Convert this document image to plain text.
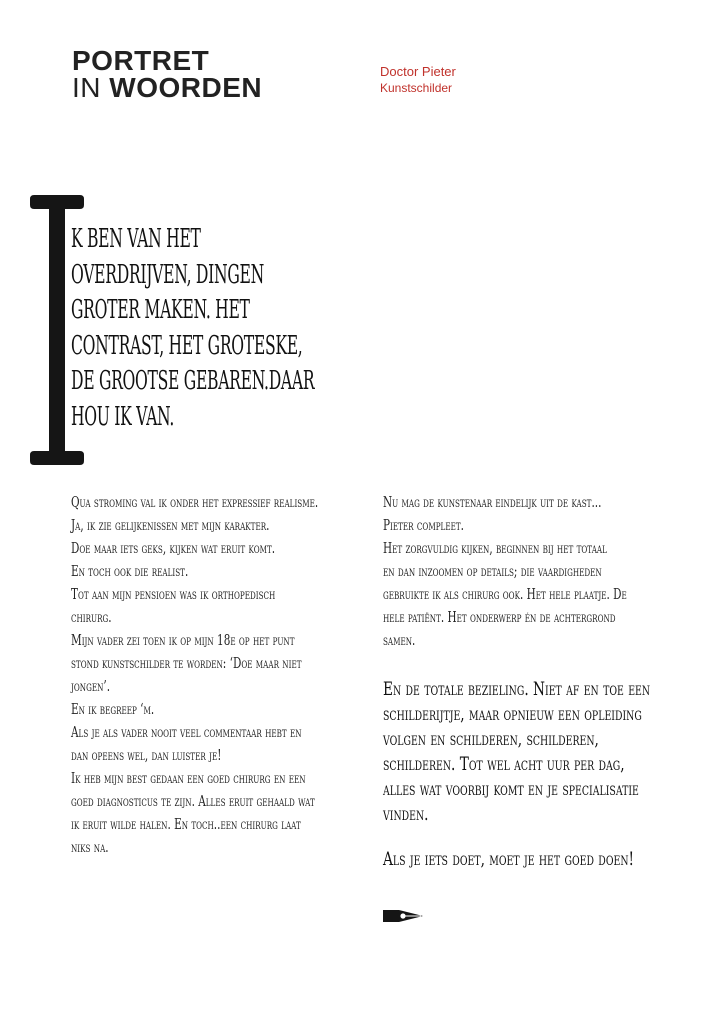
PORTRET
IN WOORDEN
Doctor Pieter
Kunstschilder
K BEN VAN HET
OVERDRIJVEN, DINGEN
GROTER MAKEN. HET
CONTRAST, HET GROTESKE,
DE GROOTSE GEBAREN.DAAR
HOU IK VAN.

Qua stroming val ik onder het expressief realisme.

Ja, ik zie gelijkenissen met mijn karakter.

Doe maar iets geks, kijken wat eruit komt.

En toch ook die realist.

Tot aan mijn pensioen was ik orthopedisch

chirurg.

Mijn vader zei toen ik op mijn 18e op het punt

stond kunstschilder te worden: ‘Doe maar niet

jongen’.

En ik begreep ‘m.

Als je als vader nooit veel commentaar hebt en

dan opeens wel, dan luister je!

Ik heb mijn best gedaan een goed chirurg en een

goed diagnosticus te zijn. Alles eruit gehaald wat

ik eruit wilde halen. En toch..een chirurg laat

niks na.

Nu mag de kunstenaar eindelijk uit de kast...

Pieter compleet.

Het zorgvuldig kijken, beginnen bij het totaal

en dan inzoomen op details; die vaardigheden

gebruikte ik als chirurg ook. Het hele plaatje. De

hele patiënt. Het onderwerp én de achtergrond

samen.

En de totale bezieling. Niet af en toe een schilderijtje, maar opnieuw een opleiding volgen en schilderen, schilderen, schilderen. Tot wel acht uur per dag, alles wat voorbij komt en je specialisatie vinden.

Als je iets doet, moet je het goed doen!
